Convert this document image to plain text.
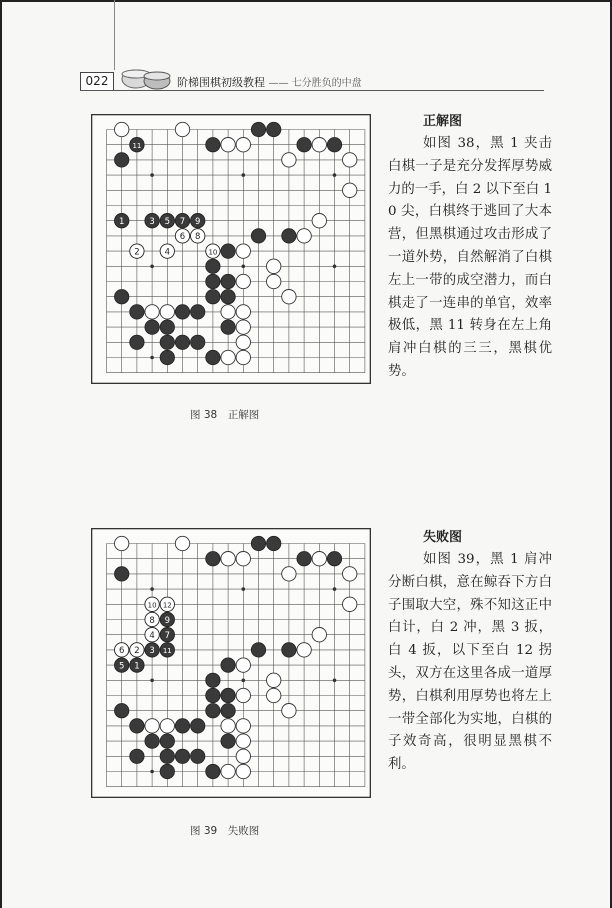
022	阶梯围棋初级教程 —— 七分胜负的中盘
1
2
3
4
5
6
7
8
9
10
11
图 38　正解图
1
2 3
4
5
6
7
8 9
10
11
12
图 39　失败图
正解图

如图 38，黑 1 夹击白棋一子是充分发挥厚势威力的一手，白 2 以下至白 10 尖，白棋终于逃回了大本营，但黑棋通过攻击形成了一道外势，自然解消了白棋左上一带的成空潜力，而白棋走了一连串的单官，效率极低，黑 11 转身在左上角肩冲白棋的三三，黑棋优势。

失败图

如图 39，黑 1 肩冲分断白棋，意在鲸吞下方白子围取大空，殊不知这正中白计，白 2 冲，黑 3 扳，白 4 扳，以下至白 12 拐头，双方在这里各成一道厚势，白棋利用厚势也将左上一带全部化为实地，白棋的子效奇高，很明显黑棋不利。
